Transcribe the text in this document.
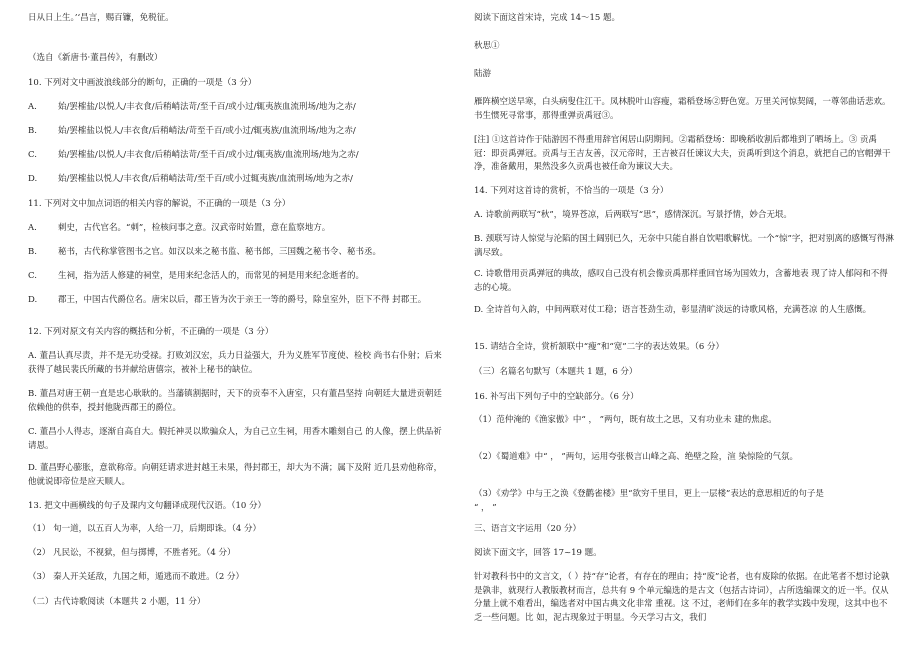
日从日上生。’‘昌言，赐百镰，免税征。
（选自《新唐书·董昌传》，有删改）
10. 下列对文中画波浪线部分的断句，正确的一项是（3 分）
A. 始/罢榷盐/以悦人/丰衣食/后稍峭法苛/至千百/或小过/辄夷族血流刑场/地为之赤/
B. 始/罢榷盐以悦人/丰衣食/后稍峭法/苛至千百/或小过/辄夷族/血流刑场/地为之赤/
C. 始/罢榷盐/以悦人/丰衣食/后稍峭法苛/至千百/或小过/辄夷族/血流刑场/地为之赤/
D. 始/罢榷盐以悦人/丰衣食/后稍峭法苛/至千百/或小过辄夷族/血流刑场/地为之赤/
11. 下列对文中加点词语的相关内容的解说，不正确的一项是（3 分）
A. 刺史，古代官名。“刺”，检核问事之意。汉武帝时始置，意在监察地方。
B. 秘书，古代称掌管图书之官。如汉以来之秘书监、秘书郎，三国魏之秘书令、秘书丞。
C. 生祠，指为活人修建的祠堂，是用来纪念活人的，而常见的祠是用来纪念逝者的。
D. 郡王，中国古代爵位名。唐宋以后，郡王皆为次于亲王一等的爵号，除皇室外，臣下不得 封郡王。
12. 下列对原文有关内容的概括和分析，不正确的一项是（3 分）
A. 董昌认真尽责，并不是无功受禄。打败刘汉宏，兵力日益强大，升为义胜军节度使、检校 尚书右仆射；后来获得了越民裴氏所藏的书并献给唐僖宗，被补上秘书的缺位。
B. 董昌对唐王朝一直是忠心耿耿的。当藩镇割据时，天下的贡奉不入唐室，只有董昌坚持 向朝廷大量进贡朝廷依赖他的供奉，授封他陇西郡王的爵位。
C. 董昌小人得志，逐渐自高自大。假托神灵以欺骗众人，为自己立生祠，用香木雕刻自己 的人像，摆上供品祈请恩。
D. 董昌野心膨胀，意欲称帝。向朝廷请求进封越王未果，得封郡王，却大为不满；属下及附 近几县劝他称帝，他就说即帝位是应天顺人。
13. 把文中画横线的句子及课内文句翻译成现代汉语。（10 分）
（1） 旬一道，以五百人为率，人给一刀，后期即诛。（4 分）
（2） 凡民讼，不视狱，但与掷博，不胜者死。（4 分）
（3） 秦人开关延敌，九国之师，遁逃而不敢进。（2 分）
（二）古代诗歌阅读（本题共 2 小题，11 分）
阅读下面这首宋诗，完成 14～15 题。
秋思①
陆游
雁阵横空送早寒，白头病叟住江干。凤林脱叶山容瘦，霜稻登场②野色宽。万里关河惊契阔，一尊邻曲话悲欢。书生惯死寻常事，那得重弹贡禹冠③。
[注] ①这首诗作于陆游因不得重用辞官闲居山阴期间。②霜稻登场：即晚稻收割后都堆到了晒场上。③ 贡禹冠：即贡禹弹冠。贡禹与王吉友善，汉元帝时，王吉被召任谏议大夫，贡禹听到这个消息，就把自己的官帽弹干净，准备戴用，果然没多久贡禹也被任命为谏议大夫。
14. 下列对这首诗的赏析，不恰当的一项是（3 分）
A. 诗歌前两联写“秋”，境界苍凉，后两联写“思”，感情深沉。写景抒情，妙合无垠。
B. 颈联写诗人惊觉与沦陷的国土阔别已久，无奈中只能自斟自饮唱歌解忧。一个“惊”字，把对别离的感慨写得淋漓尽致。
C. 诗歌借用贡禹弹冠的典故，感叹自己没有机会像贡禹那样重回官场为国效力，含蓄地表 现了诗人郁闷和不得志的心境。
D. 全诗首句入韵，中间两联对仗工稳；语言苍劲生动，彰显清旷淡远的诗歌风格，充满苍凉 的人生感慨。
15. 请结合全诗，赏析颔联中“瘦”和“宽”二字的表达效果。（6 分）
（三）名篇名句默写（本题共 1 题，6 分）
16. 补写出下列句子中的空缺部分。（6 分）
（1）范仲淹的《渔家傲》中“ ， ”两句，既有故土之思，又有功业未 建的焦虑。
（2）《蜀道难》中“ ， ”两句，运用夸张极言山峰之高、绝壁之险，渲 染惊险的气氛。
（3）《劝学》中与王之涣《登鹳雀楼》里“欲穷千里目，更上一层楼”表达的意思相近的句子是
“ ， ”
三、语言文字运用（20 分）
阅读下面文字，回答 17~19 题。
针对教科书中的文言文，（ ）持“存”论者，有存在的理由；持“废”论者，也有废除的依据。在此笔者不想讨论孰是孰非，就现行人教版教材而言，总共有 9 个单元编选的是古文（包括古诗词），占所选编课文的近一半。仅从分量上就不难看出，编选者对中国古典文化非常 重视。这 不过，老师们在多年的教学实践中发现，这其中也不乏一些问题。比 如，泥古现象过于明显。今天学习古文，我们
